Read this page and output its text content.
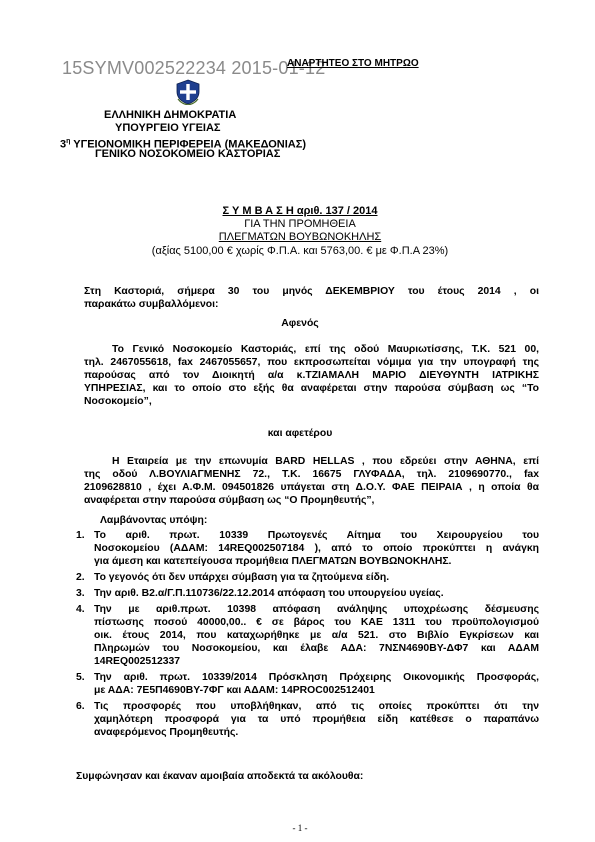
15SYMV002522234 2015-01-12
ΑΝΑΡΤΗΤΕΟ ΣΤΟ ΜΗΤΡΩΟ
ΕΛΛΗΝΙΚΗ ΔΗΜΟΚΡΑΤΙΑ
ΥΠΟΥΡΓΕΙΟ ΥΓΕΙΑΣ
$3^\eta$ ΥΓΕΙΟΝΟΜΙΚΗ ΠΕΡΙΦΕΡΕΙΑ (ΜΑΚΕΔΟΝΙΑΣ)
ΓΕΝΙΚΟ ΝΟΣΟΚΟΜΕΙΟ ΚΑΣΤΟΡΙΑΣ
Σ Υ Μ Β Α Σ Η αριθ. 137 / 2014
ΓΙΑ ΤΗΝ ΠΡΟΜΗΘΕΙΑ
ΠΛΕΓΜΑΤΩΝ ΒΟΥΒΩΝΟΚΗΛΗΣ
(αξίας 5100,00 € χωρίς Φ.Π.Α. και 5763,00. € με Φ.Π.Α 23%)
Στη Καστοριά, σήμερα 30 του μηνός ΔΕΚΕΜΒΡΙΟΥ του έτους 2014 , οι
παρακάτω συμβαλλόμενοι:
Αφενός
Το Γενικό Νοσοκομείο Καστοριάς, επί της οδού Μαυριωτίσσης, Τ.Κ. 521 00,
τηλ. 2467055618, fax 2467055657, που εκπροσωπείται νόμιμα για την υπογραφή της
παρούσας από τον Διοικητή α/α κ.ΤΖΙΑΜΑΛΗ ΜΑΡΙΟ ΔΙΕΥΘΥΝΤΗ ΙΑΤΡΙΚΗΣ
ΥΠΗΡΕΣΙΑΣ, και το οποίο στο εξής θα αναφέρεται στην παρούσα σύμβαση ως “Το
Νοσοκομείο”,
και αφετέρου
Η Εταιρεία με την επωνυμία BARD HELLAS , που εδρεύει στην ΑΘΗΝΑ, επί
της οδού Λ.ΒΟΥΛΙΑΓΜΕΝΗΣ 72., Τ.Κ. 16675 ΓΛΥΦΑΔΑ, τηλ. 2109690770., fax
2109628810 , έχει Α.Φ.Μ. 094501826 υπάγεται στη Δ.Ο.Υ. ΦΑΕ ΠΕΙΡΑΙΑ , η οποία θα
αναφέρεται στην παρούσα σύμβαση ως “Ο Προμηθευτής”,
Λαμβάνοντας υπόψη:
1. Το αριθ. πρωτ. 10339 Πρωτογενές Αίτημα του Χειρουργείου του
Νοσοκομείου (ΑΔΑΜ: 14REQ002507184 ), από το οποίο προκύπτει η ανάγκη
για άμεση και κατεπείγουσα προμήθεια ΠΛΕΓΜΑΤΩΝ ΒΟΥΒΩΝΟΚΗΛΗΣ.
2. Το γεγονός ότι δεν υπάρχει σύμβαση για τα ζητούμενα είδη.
3. Την αριθ. Β2.α/Γ.Π.110736/22.12.2014 απόφαση του υπουργείου υγείας.
4. Την με αριθ.πρωτ. 10398 απόφαση ανάληψης υποχρέωσης δέσμευσης
πίστωσης ποσού 40000,00.. € σε βάρος του ΚΑΕ 1311 του προϋπολογισμού
οικ. έτους 2014, που καταχωρήθηκε με α/α 521. στο Βιβλίο Εγκρίσεων και
Πληρωμών του Νοσοκομείου, και έλαβε ΑΔΑ: 7ΝΣΝ4690ΒΥ-ΔΦ7 και ΑΔΑΜ
14REQ002512337
5. Την αριθ. πρωτ. 10339/2014 Πρόσκληση Πρόχειρης Οικονομικής Προσφοράς,
με ΑΔΑ: 7Ε5Π4690ΒΥ-7ΦΓ και ΑΔΑΜ: 14PROC002512401
6. Τις προσφορές που υποβλήθηκαν, από τις οποίες προκύπτει ότι την
χαμηλότερη προσφορά για τα υπό προμήθεια είδη κατέθεσε ο παραπάνω
αναφερόμενος Προμηθευτής.
Συμφώνησαν και έκαναν αμοιβαία αποδεκτά τα ακόλουθα:
- 1 -
